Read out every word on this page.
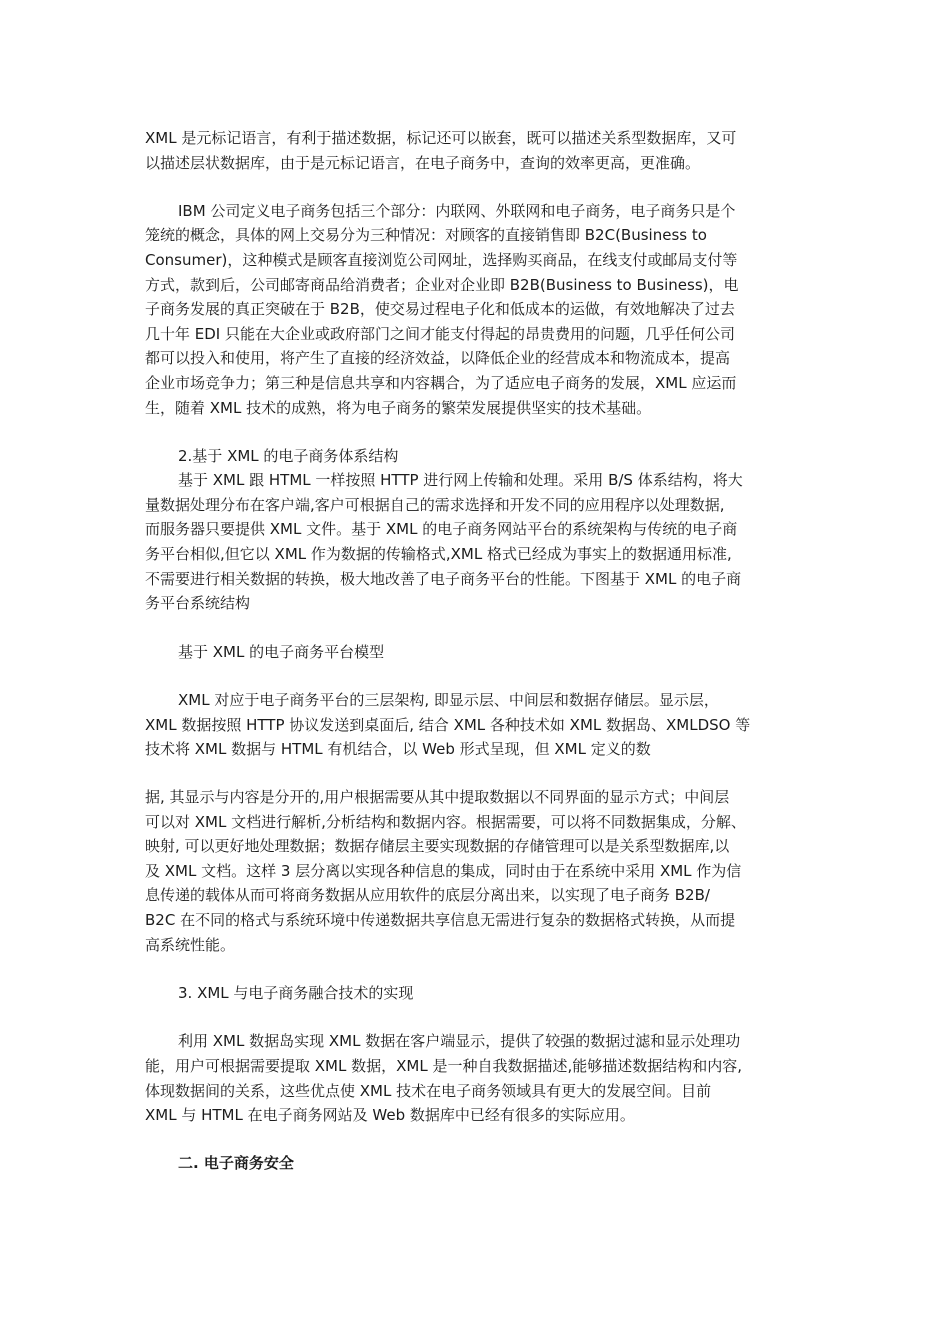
XML 是元标记语言，有利于描述数据，标记还可以嵌套，既可以描述关系型数据库，又可
以描述层状数据库，由于是元标记语言，在电子商务中，查询的效率更高，更准确。
IBM 公司定义电子商务包括三个部分：内联网、外联网和电子商务，电子商务只是个
笼统的概念，具体的网上交易分为三种情况：对顾客的直接销售即 B2C(Business to
Consumer)，这种模式是顾客直接浏览公司网址，选择购买商品，在线支付或邮局支付等
方式，款到后，公司邮寄商品给消费者；企业对企业即 B2B(Business to Business)，电
子商务发展的真正突破在于 B2B，使交易过程电子化和低成本的运做，有效地解决了过去
几十年 EDI 只能在大企业或政府部门之间才能支付得起的昂贵费用的问题，几乎任何公司
都可以投入和使用，将产生了直接的经济效益，以降低企业的经营成本和物流成本，提高
企业市场竞争力；第三种是信息共享和内容耦合，为了适应电子商务的发展，XML 应运而
生，随着 XML 技术的成熟，将为电子商务的繁荣发展提供坚实的技术基础。
2.基于 XML 的电子商务体系结构
基于 XML 跟 HTML 一样按照 HTTP 进行网上传输和处理。采用 B/S 体系结构，将大
量数据处理分布在客户端,客户可根据自己的需求选择和开发不同的应用程序以处理数据,
而服务器只要提供 XML 文件。基于 XML 的电子商务网站平台的系统架构与传统的电子商
务平台相似,但它以 XML 作为数据的传输格式,XML 格式已经成为事实上的数据通用标准,
不需要进行相关数据的转换，极大地改善了电子商务平台的性能。下图基于 XML 的电子商
务平台系统结构
基于 XML 的电子商务平台模型
XML 对应于电子商务平台的三层架构, 即显示层、中间层和数据存储层。显示层，
XML 数据按照 HTTP 协议发送到桌面后, 结合 XML 各种技术如 XML 数据岛、XMLDSO 等
技术将 XML 数据与 HTML 有机结合，以 Web 形式呈现，但 XML 定义的数
据, 其显示与内容是分开的,用户根据需要从其中提取数据以不同界面的显示方式；中间层
可以对 XML 文档进行解析,分析结构和数据内容。根据需要，可以将不同数据集成，分解、
映射, 可以更好地处理数据；数据存储层主要实现数据的存储管理可以是关系型数据库,以
及 XML 文档。这样 3 层分离以实现各种信息的集成，同时由于在系统中采用 XML 作为信
息传递的载体从而可将商务数据从应用软件的底层分离出来，以实现了电子商务 B2B/
B2C 在不同的格式与系统环境中传递数据共享信息无需进行复杂的数据格式转换，从而提
高系统性能。
3. XML 与电子商务融合技术的实现
利用 XML 数据岛实现 XML 数据在客户端显示，提供了较强的数据过滤和显示处理功
能，用户可根据需要提取 XML 数据，XML 是一种自我数据描述,能够描述数据结构和内容,
体现数据间的关系，这些优点使 XML 技术在电子商务领域具有更大的发展空间。目前
XML 与 HTML 在电子商务网站及 Web 数据库中已经有很多的实际应用。
二. 电子商务安全
